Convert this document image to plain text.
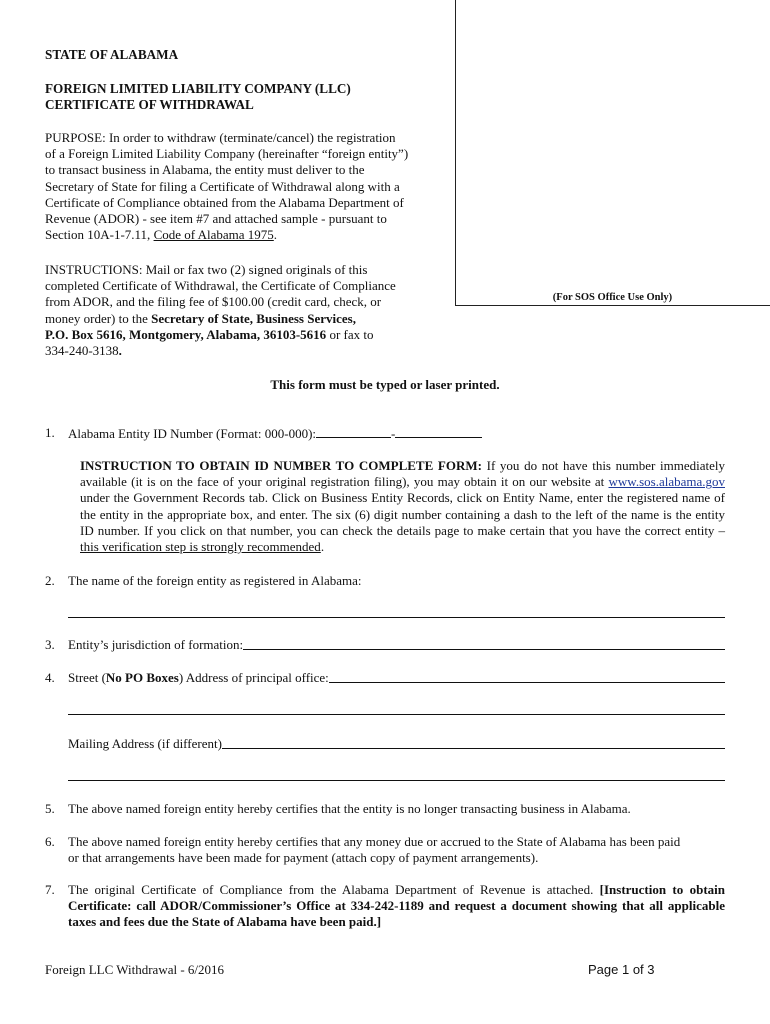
(For SOS Office Use Only)
STATE OF ALABAMA
FOREIGN LIMITED LIABILITY COMPANY (LLC)
CERTIFICATE OF WITHDRAWAL
PURPOSE: In order to withdraw (terminate/cancel) the registration
of a Foreign Limited Liability Company (hereinafter “foreign entity”)
to transact business in Alabama, the entity must deliver to the
Secretary of State for filing a Certificate of Withdrawal along with a
Certificate of Compliance obtained from the Alabama Department of
Revenue (ADOR) - see item #7 and attached sample - pursuant to
Section 10A-1-7.11, Code of Alabama 1975.
INSTRUCTIONS: Mail or fax two (2) signed originals of this
completed Certificate of Withdrawal, the Certificate of Compliance
from ADOR, and the filing fee of $100.00 (credit card, check, or
money order) to the Secretary of State, Business Services,
P.O. Box 5616, Montgomery, Alabama, 36103-5616 or fax to
334-240-3138.
This form must be typed or laser printed.
1. Alabama Entity ID Number (Format: 000-000):	-
INSTRUCTION TO OBTAIN ID NUMBER TO COMPLETE FORM: If you do not have this number immediately available (it is on the face of your original registration filing), you may obtain it on our website at www.sos.alabama.gov under the Government Records tab. Click on Business Entity Records, click on Entity Name, enter the registered name of the entity in the appropriate box, and enter. The six (6) digit number containing a dash to the left of the name is the entity ID number. If you click on that number, you can check the details page to make certain that you have the correct entity – this verification step is strongly recommended.
2. The name of the foreign entity as registered in Alabama:
3. Entity’s jurisdiction of formation:
4. Street (No PO Boxes) Address of principal office:
Mailing Address (if different)
5. The above named foreign entity hereby certifies that the entity is no longer transacting business in Alabama.
6. The above named foreign entity hereby certifies that any money due or accrued to the State of Alabama has been paid
or that arrangements have been made for payment (attach copy of payment arrangements).
7. The original Certificate of Compliance from the Alabama Department of Revenue is attached. [Instruction to obtain Certificate: call ADOR/Commissioner’s Office at 334-242-1189 and request a document showing that all applicable taxes and fees due the State of Alabama have been paid.]
Foreign LLC Withdrawal - 6/2016	Page 1 of 3
